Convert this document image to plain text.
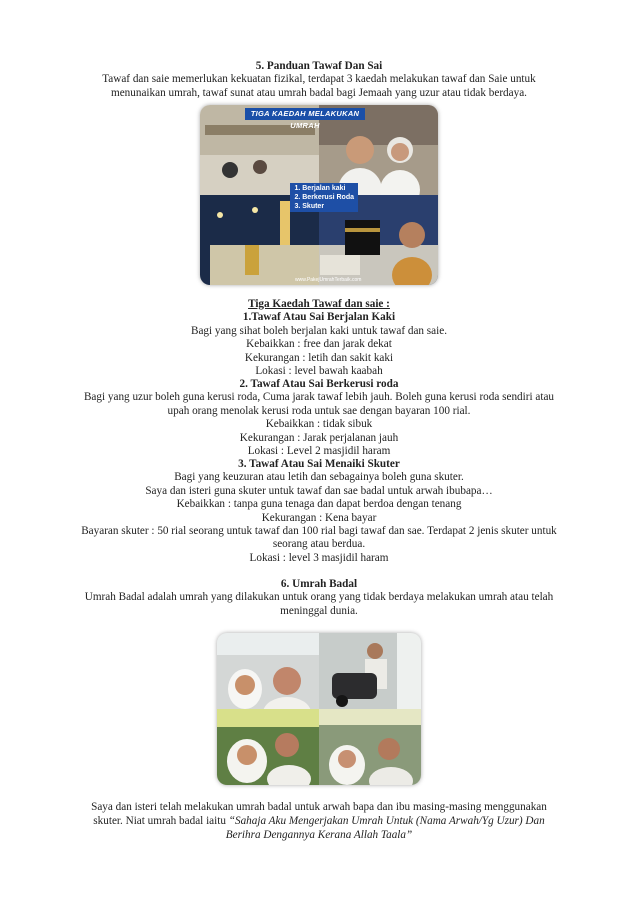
5. Panduan Tawaf Dan Sai

Tawaf dan saie memerlukan kekuatan fizikal, terdapat 3 kaedah melakukan tawaf dan Saie untuk

menunaikan umrah, tawaf sunat atau umrah badal bagi Jemaah yang uzur atau tidak berdaya.

TIGA KAEDAH MELAKUKAN UMRAH
1. Berjalan kaki
2. Berkerusi Roda
3. Skuter
www.PakejUmrahTerbaik.com

Tiga Kaedah Tawaf dan saie :

1.Tawaf Atau Sai Berjalan Kaki

Bagi yang sihat boleh berjalan kaki untuk tawaf dan saie.

Kebaikkan : free dan jarak dekat

Kekurangan : letih dan sakit kaki

Lokasi : level bawah kaabah

2. Tawaf Atau Sai Berkerusi roda

Bagi yang uzur boleh guna kerusi roda, Cuma jarak tawaf lebih jauh. Boleh guna kerusi roda sendiri atau

upah orang menolak kerusi roda untuk sae dengan bayaran 100 rial.

Kebaikkan : tidak sibuk

Kekurangan : Jarak perjalanan jauh

Lokasi : Level 2 masjidil haram

3. Tawaf Atau Sai Menaiki Skuter

Bagi yang keuzuran atau letih dan sebagainya boleh guna skuter.

Saya dan isteri guna skuter untuk tawaf dan sae badal untuk arwah ibubapa…

Kebaikkan : tanpa guna tenaga dan dapat berdoa dengan tenang

Kekurangan : Kena bayar

Bayaran skuter : 50 rial seorang untuk tawaf dan 100 rial bagi tawaf dan sae. Terdapat 2 jenis skuter untuk

seorang atau berdua.

Lokasi : level 3 masjidil haram

6. Umrah Badal

Umrah Badal adalah umrah yang dilakukan untuk orang yang tidak berdaya melakukan umrah atau telah

meninggal dunia.

Saya dan isteri telah melakukan umrah badal untuk arwah bapa dan ibu masing-masing menggunakan
skuter. Niat umrah badal iaitu “Sahaja Aku Mengerjakan Umrah Untuk (Nama Arwah/Yg Uzur) Dan
Berihra Dengannya Kerana Allah Taala”
